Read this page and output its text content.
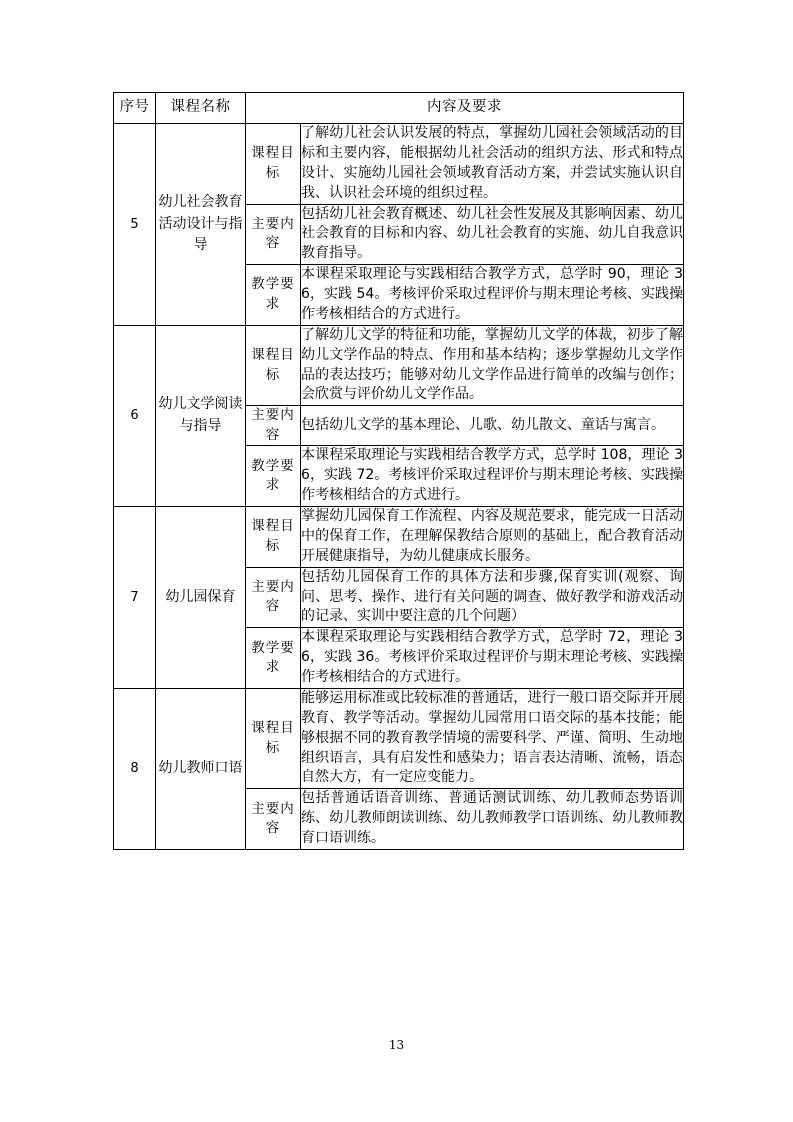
序号	课程名称	内容及要求	
5	幼儿社会教育活动设计与指导	课程目标	了解幼儿社会认识发展的特点，掌握幼儿园社会领域活动的目标和主要内容，能根据幼儿社会活动的组织方法、形式和特点设计、实施幼儿园社会领域教育活动方案，并尝试实施认识自我、认识社会环境的组织过程。
		主要内容	包括幼儿社会教育概述、幼儿社会性发展及其影响因素、幼儿社会教育的目标和内容、幼儿社会教育的实施、幼儿自我意识教育指导。
		教学要求	本课程采取理论与实践相结合教学方式，总学时 90，理论 36，实践 54。考核评价采取过程评价与期末理论考核、实践操作考核相结合的方式进行。
6	幼儿文学阅读与指导	课程目标	了解幼儿文学的特征和功能，掌握幼儿文学的体裁，初步了解幼儿文学作品的特点、作用和基本结构；逐步掌握幼儿文学作品的表达技巧；能够对幼儿文学作品进行简单的改编与创作；会欣赏与评价幼儿文学作品。
		主要内容	包括幼儿文学的基本理论、儿歌、幼儿散文、童话与寓言。
		教学要求	本课程采取理论与实践相结合教学方式，总学时 108，理论 36，实践 72。考核评价采取过程评价与期末理论考核、实践操作考核相结合的方式进行。
7	幼儿园保育	课程目标	掌握幼儿园保育工作流程、内容及规范要求，能完成一日活动中的保育工作，在理解保教结合原则的基础上，配合教育活动开展健康指导，为幼儿健康成长服务。
		主要内容	包括幼儿园保育工作的具体方法和步骤,保育实训(观察、询问、思考、操作、进行有关问题的调查、做好教学和游戏活动的记录、实训中要注意的几个问题）
		教学要求	本课程采取理论与实践相结合教学方式，总学时 72，理论 36，实践 36。考核评价采取过程评价与期末理论考核、实践操作考核相结合的方式进行。
8	幼儿教师口语	课程目标	能够运用标准或比较标准的普通话，进行一般口语交际并开展教育、教学等活动。掌握幼儿园常用口语交际的基本技能；能够根据不同的教育教学情境的需要科学、严谨、简明、生动地组织语言，具有启发性和感染力；语言表达清晰、流畅，语态自然大方，有一定应变能力。
		主要内容	包括普通话语音训练、普通话测试训练、幼儿教师态势语训练、幼儿教师朗读训练、幼儿教师教学口语训练、幼儿教师教育口语训练。
13
